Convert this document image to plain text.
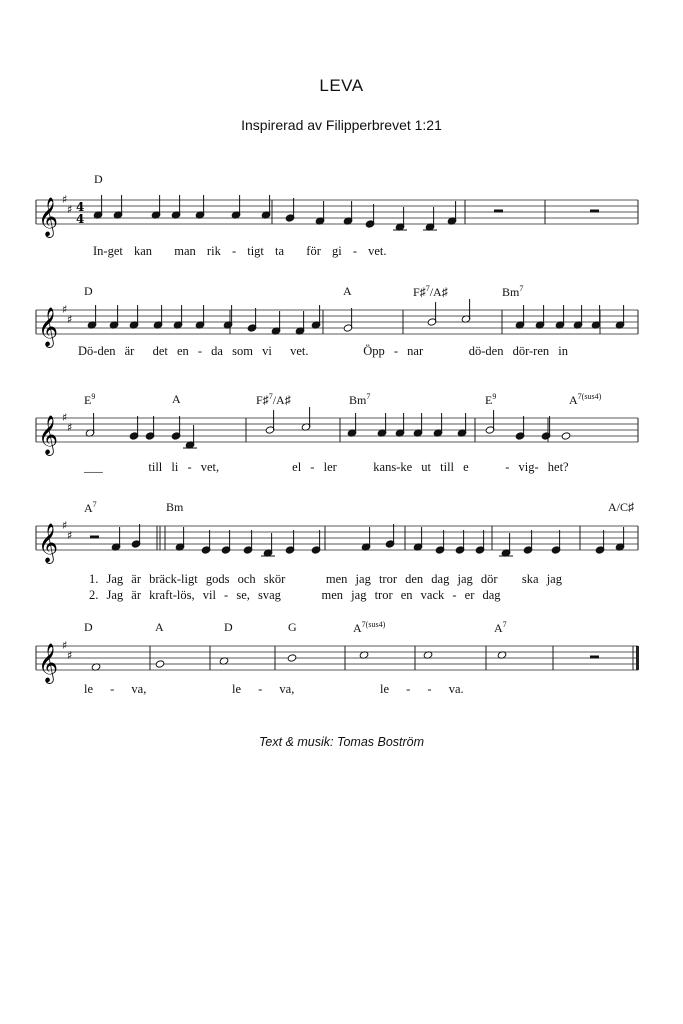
LEVA
Inspirerad av Filipperbrevet 1:21
D
𝄞 ♯
♯ 4
4
In-get kan man rik - tigt ta för gi - vet.
D	A	F♯$^7$/A♯	Bm$^7$
𝄞 ♯
♯
Dö-den är det en - da som vi vet.	Öpp - nar	dö-den dör-ren in
$E^9$	A	F♯$^7$/A♯	Bm$^7$	$E^9$	$A^{7(sus4)}$
𝄞 ♯
♯
___     till li - vet,	el - ler	kans-ke ut till e	- vig- het?
$A^7$	Bm	A/C♯
𝄞 ♯
♯
1. Jag är bräck-ligt gods och skör	men jag tror den dag jag dör ska jag
2. Jag är kraft-lös, vil - se, svag	men jag tror en vack - er dag
D	A	D	G	$A^{7(sus4)}$	$A^7$
𝄞 ♯
♯
le - va,	le - va,	le - - va.
Text & musik: Tomas Boström
